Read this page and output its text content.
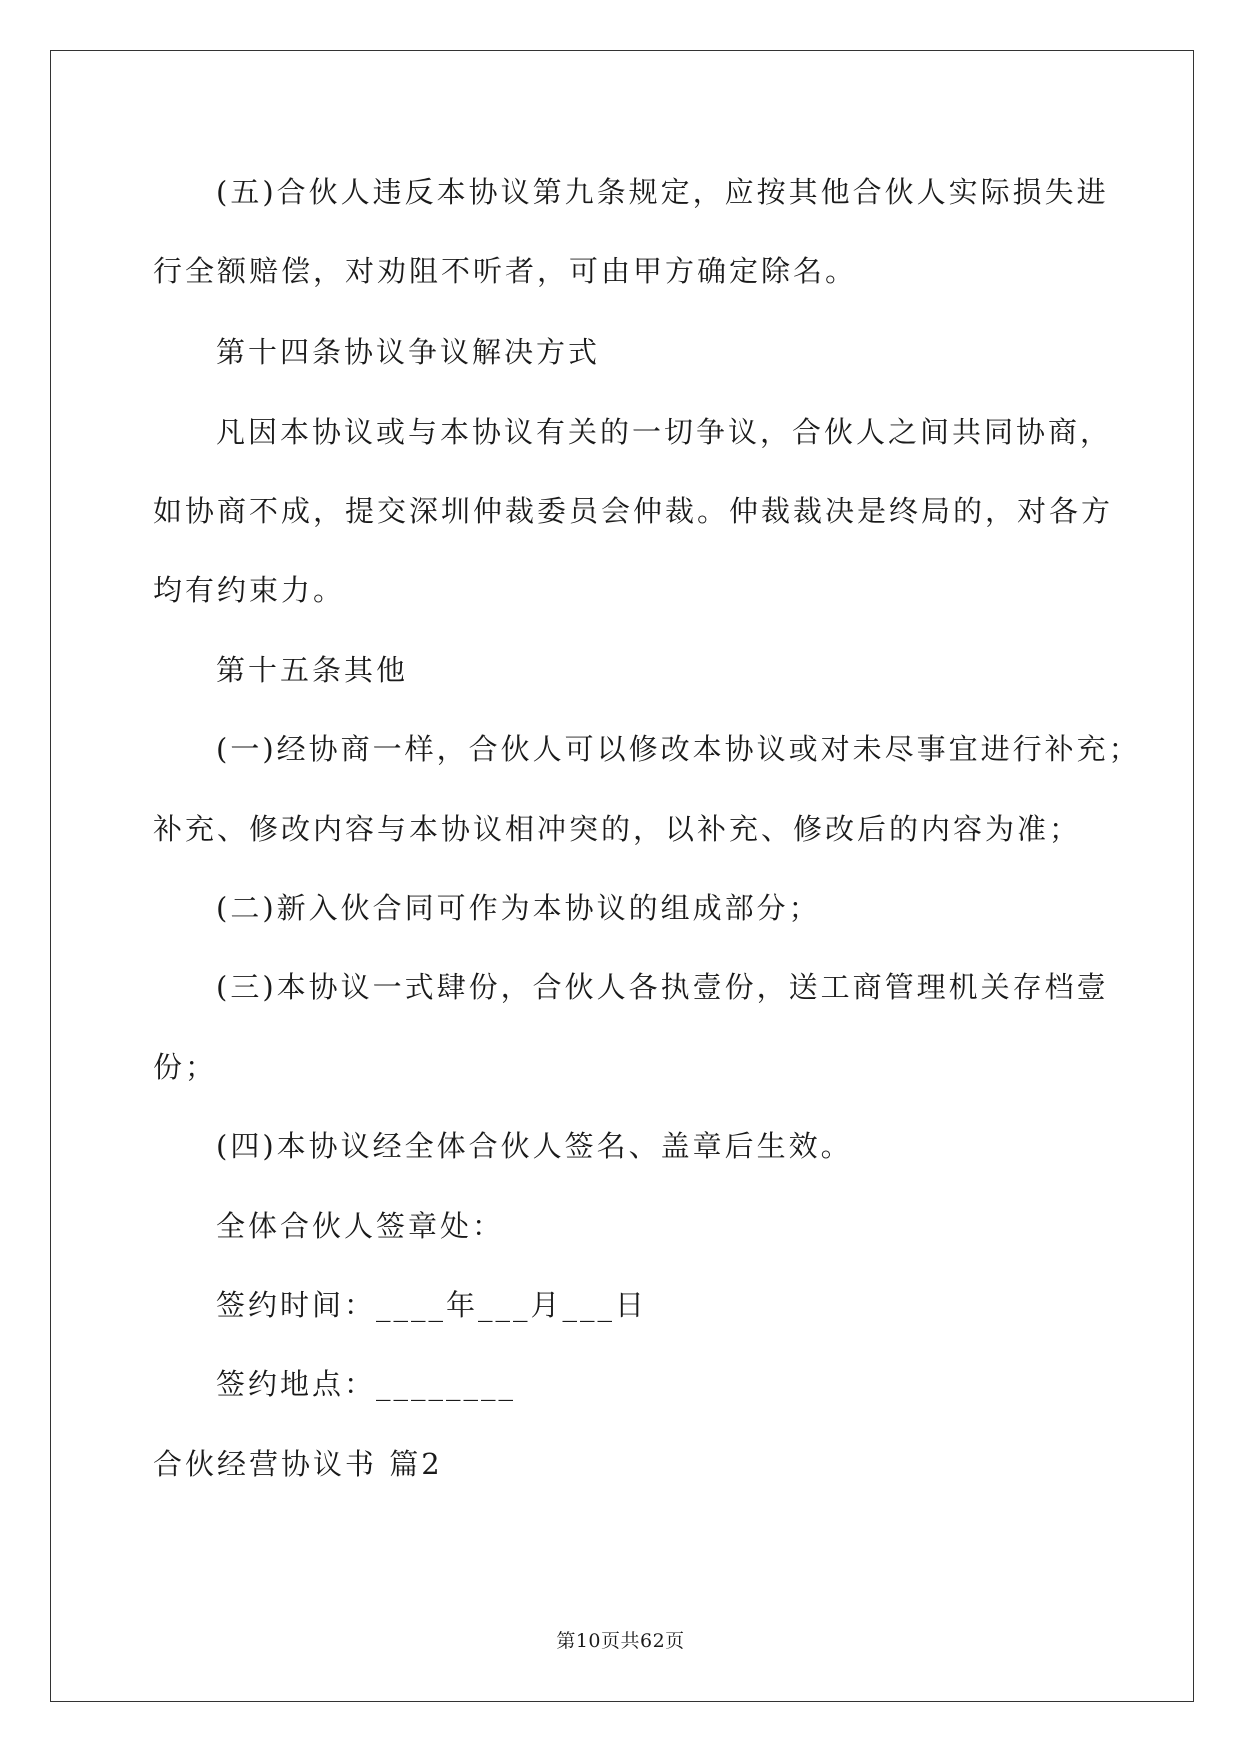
(五)合伙人违反本协议第九条规定，应按其他合伙人实际损失进
行全额赔偿，对劝阻不听者，可由甲方确定除名。
第十四条协议争议解决方式
凡因本协议或与本协议有关的一切争议，合伙人之间共同协商，
如协商不成，提交深圳仲裁委员会仲裁。仲裁裁决是终局的，对各方
均有约束力。
第十五条其他
(一)经协商一样，合伙人可以修改本协议或对未尽事宜进行补充；
补充、修改内容与本协议相冲突的，以补充、修改后的内容为准；
(二)新入伙合同可作为本协议的组成部分；
(三)本协议一式肆份，合伙人各执壹份，送工商管理机关存档壹
份；
(四)本协议经全体合伙人签名、盖章后生效。
全体合伙人签章处：
签约时间：____年___月___日
签约地点：________
合伙经营协议书 篇2
第10页共62页
